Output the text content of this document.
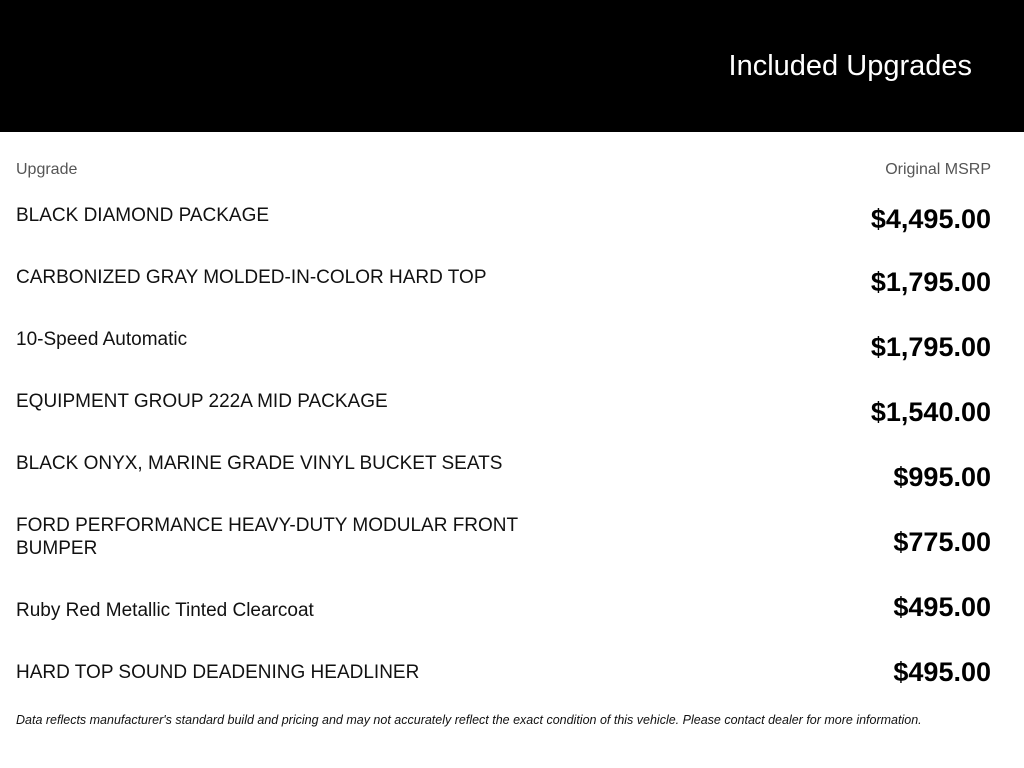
Included Upgrades
Upgrade	Original MSRP
BLACK DIAMOND PACKAGE	$4,495.00
CARBONIZED GRAY MOLDED-IN-COLOR HARD TOP	$1,795.00
10-Speed Automatic	$1,795.00
EQUIPMENT GROUP 222A MID PACKAGE	$1,540.00
BLACK ONYX, MARINE GRADE VINYL BUCKET SEATS	$995.00
FORD PERFORMANCE HEAVY-DUTY MODULAR FRONT BUMPER	$775.00
Ruby Red Metallic Tinted Clearcoat	$495.00
HARD TOP SOUND DEADENING HEADLINER	$495.00
Data reflects manufacturer's standard build and pricing and may not accurately reflect the exact condition of this vehicle. Please contact dealer for more information.
